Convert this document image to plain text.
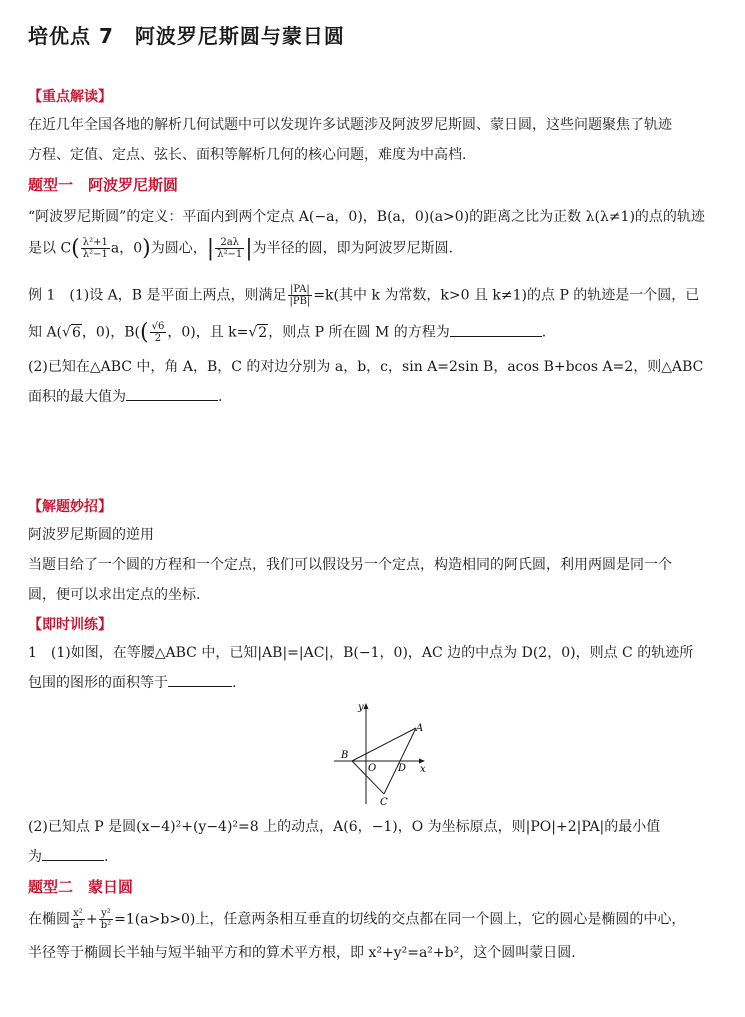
培优点 7　阿波罗尼斯圆与蒙日圆
【重点解读】
在近几年全国各地的解析几何试题中可以发现许多试题涉及阿波罗尼斯圆、蒙日圆，这些问题聚焦了轨迹
方程、定值、定点、弦长、面积等解析几何的核心问题，难度为中高档.
题型一　阿波罗尼斯圆
“阿波罗尼斯圆”的定义：平面内到两个定点 A(−a，0)，B(a，0)(a>0)的距离之比为正数 λ(λ≠1)的点的轨迹
是以 $C( \frac{\text{λ²+1}}{\text{λ²−1}}$ a，0)为圆心，| $\frac{2a\lambda}{\text{λ²−1}}$ |为半径的圆，即为阿波罗尼斯圆.
例 1　(1)设 A，B 是平面上两点，则满足 $\frac{|PA|}{|PB|} =k$(其中 k 为常数，k>0 且 k≠1)的点 P 的轨迹是一个圆，已
知 A(√6，0)，$B(( \frac{√6}{2}$ ，0)，且 k=√2，则点 P 所在圆 M 的方程为	.
(2)已知在△ABC 中，角 A，B，C 的对边分别为 a，b，c，sin A=2sin B，acos B+bcos A=2，则△ABC
面积的最大值为	.
【解题妙招】
阿波罗尼斯圆的逆用
当题目给了一个圆的方程和一个定点，我们可以假设另一个定点，构造相同的阿氏圆，利用两圆是同一个
圆，便可以求出定点的坐标.
【即时训练】
1　(1)如图，在等腰△ABC 中，已知|AB|=|AC|，B(−1，0)，AC 边的中点为 D(2，0)，则点 C 的轨迹所
包围的图形的面积等于	.
y
A
B
O D x
C
(2)已知点 P 是圆(x−4)²+(y−4)²=8 上的动点，A(6，−1)，O 为坐标原点，则|PO|+2|PA|的最小值
为	.
题型二　蒙日圆
在椭圆 $\frac{\text{x²}}{\text{a²}} + \frac{\text{y²}}{\text{b²}} =1(a>b>0)$上，任意两条相互垂直的切线的交点都在同一个圆上，它的圆心是椭圆的中心，
半径等于椭圆长半轴与短半轴平方和的算术平方根，即 x²+y²=a²+b²，这个圆叫蒙日圆.
